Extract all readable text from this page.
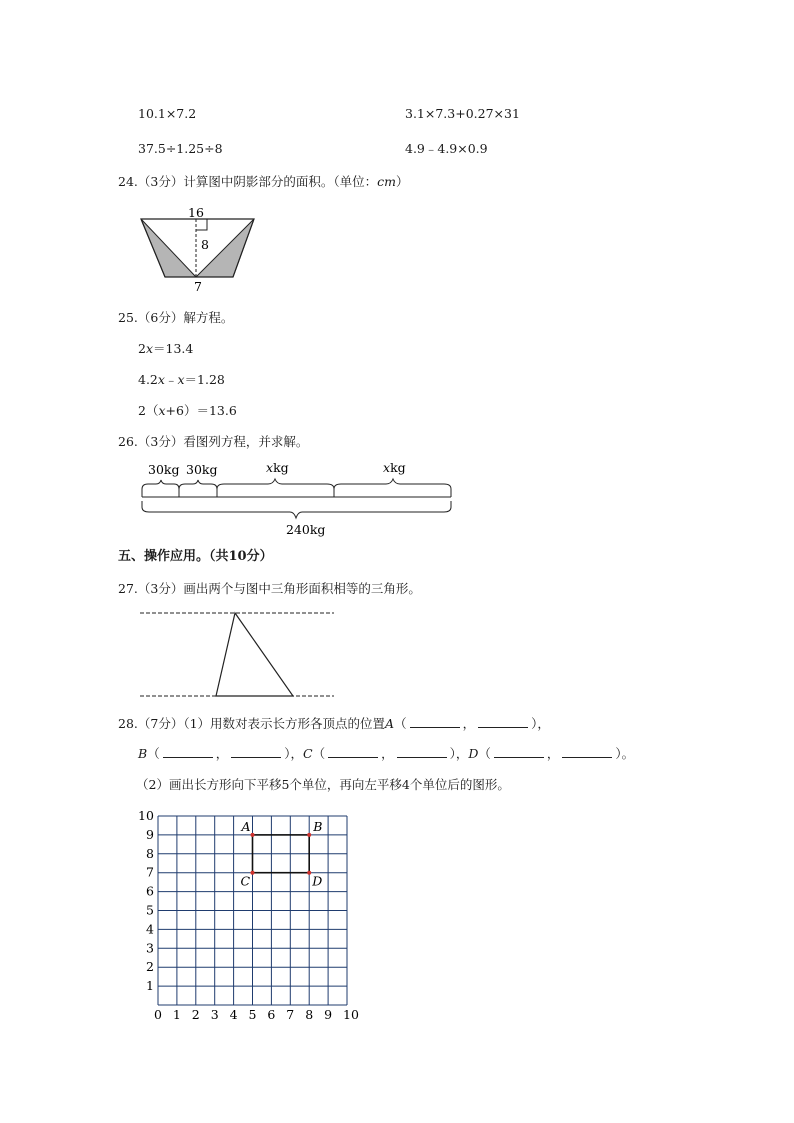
10.1×7.2	3.1×7.3+0.27×31
37.5÷1.25÷8	4.9﹣4.9×0.9
24.（3分）计算图中阴影部分的面积。（单位：cm）
16
8
7
25.（6分）解方程。
2x＝13.4
4.2x﹣x＝1.28
2（x+6）＝13.6
26.（3分）看图列方程，并求解。
30kg 30kg	xkg	xkg
240kg
五、操作应用。（共10分）
27.（3分）画出两个与图中三角形面积相等的三角形。
28.（7分）（1）用数对表示长方形各顶点的位置A（	，	），
B（	，	），C（	，	），D（	，	）。
（2）画出长方形向下平移5个单位，再向左平移4个单位后的图形。
0 1 2 3 4 5 6 7 8 9 10
1
2
3
4
5
6
7
8
9
10
A	B
C	D
